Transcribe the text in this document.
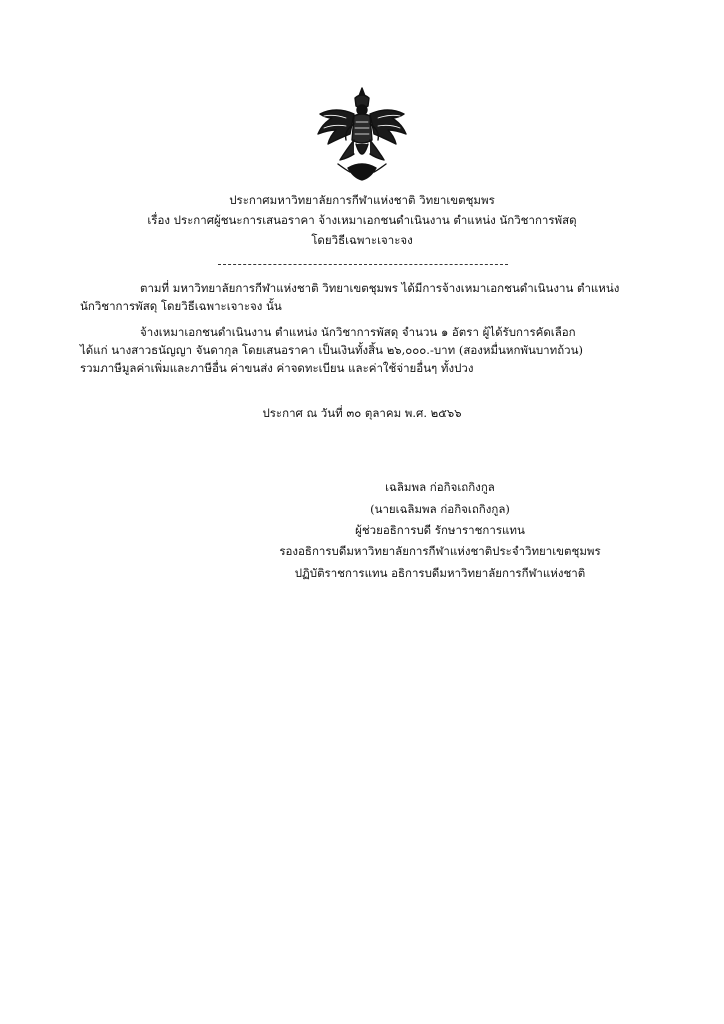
ประกาศมหาวิทยาลัยการกีฬาแห่งชาติ วิทยาเขตชุมพร
เรื่อง ประกาศผู้ชนะการเสนอราคา จ้างเหมาเอกชนดำเนินงาน ตำแหน่ง นักวิชาการพัสดุ
โดยวิธีเฉพาะเจาะจง
ตามที่ มหาวิทยาลัยการกีฬาแห่งชาติ วิทยาเขตชุมพร ได้มีการจ้างเหมาเอกชนดำเนินงาน ตำแหน่ง
นักวิชาการพัสดุ โดยวิธีเฉพาะเจาะจง นั้น
จ้างเหมาเอกชนดำเนินงาน ตำแหน่ง นักวิชาการพัสดุ จำนวน ๑ อัตรา ผู้ได้รับการคัดเลือก
ได้แก่ นางสาวธนัญญา จันดากุล โดยเสนอราคา เป็นเงินทั้งสิ้น ๒๖,๐๐๐.-บาท (สองหมื่นหกพันบาทถ้วน)
รวมภาษีมูลค่าเพิ่มและภาษีอื่น ค่าขนส่ง ค่าจดทะเบียน และค่าใช้จ่ายอื่นๆ ทั้งปวง
ประกาศ ณ วันที่ ๓๐ ตุลาคม พ.ศ. ๒๕๖๖
เฉลิมพล ก่อกิจเถกิงกูล
(นายเฉลิมพล ก่อกิจเถกิงกูล)
ผู้ช่วยอธิการบดี รักษาราชการแทน
รองอธิการบดีมหาวิทยาลัยการกีฬาแห่งชาติประจำวิทยาเขตชุมพร
ปฏิบัติราชการแทน อธิการบดีมหาวิทยาลัยการกีฬาแห่งชาติ
